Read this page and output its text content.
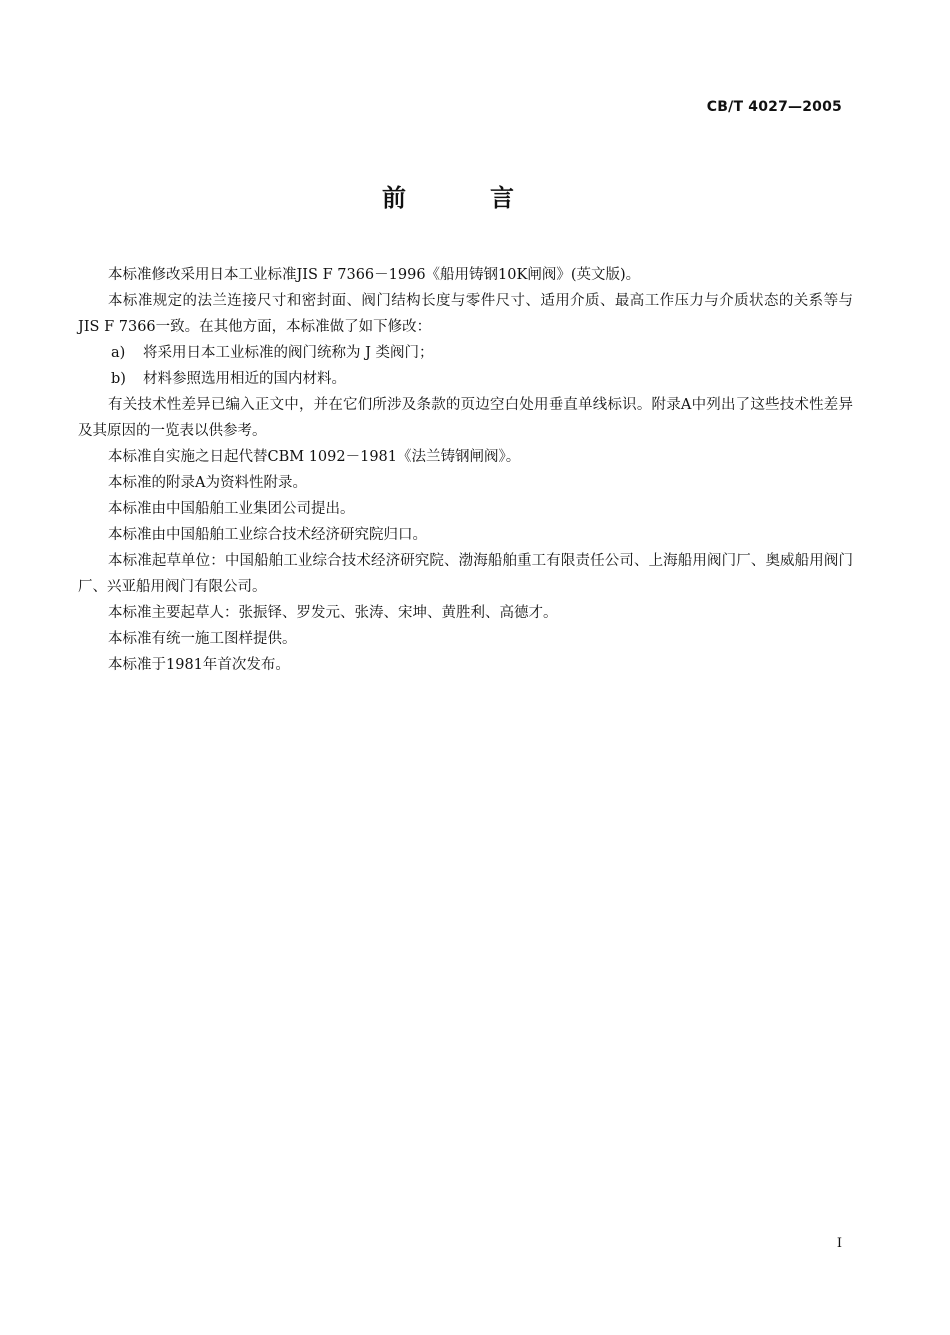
CB/T 4027—2005
前　言

本标准修改采用日本工业标准JIS F 7366－1996《船用铸钢10K闸阀》(英文版)。

本标准规定的法兰连接尺寸和密封面、阀门结构长度与零件尺寸、适用介质、最高工作压力与介质状态的关系等与JIS F 7366一致。在其他方面，本标准做了如下修改：

a) 将采用日本工业标准的阀门统称为 J 类阀门；

b) 材料参照选用相近的国内材料。

有关技术性差异已编入正文中，并在它们所涉及条款的页边空白处用垂直单线标识。附录A中列出了这些技术性差异及其原因的一览表以供参考。

本标准自实施之日起代替CBM 1092－1981《法兰铸钢闸阀》。

本标准的附录A为资料性附录。

本标准由中国船舶工业集团公司提出。

本标准由中国船舶工业综合技术经济研究院归口。

本标准起草单位：中国船舶工业综合技术经济研究院、渤海船舶重工有限责任公司、上海船用阀门厂、奥威船用阀门厂、兴亚船用阀门有限公司。

本标准主要起草人：张振铎、罗发元、张涛、宋坤、黄胜利、高德才。

本标准有统一施工图样提供。

本标准于1981年首次发布。

I
